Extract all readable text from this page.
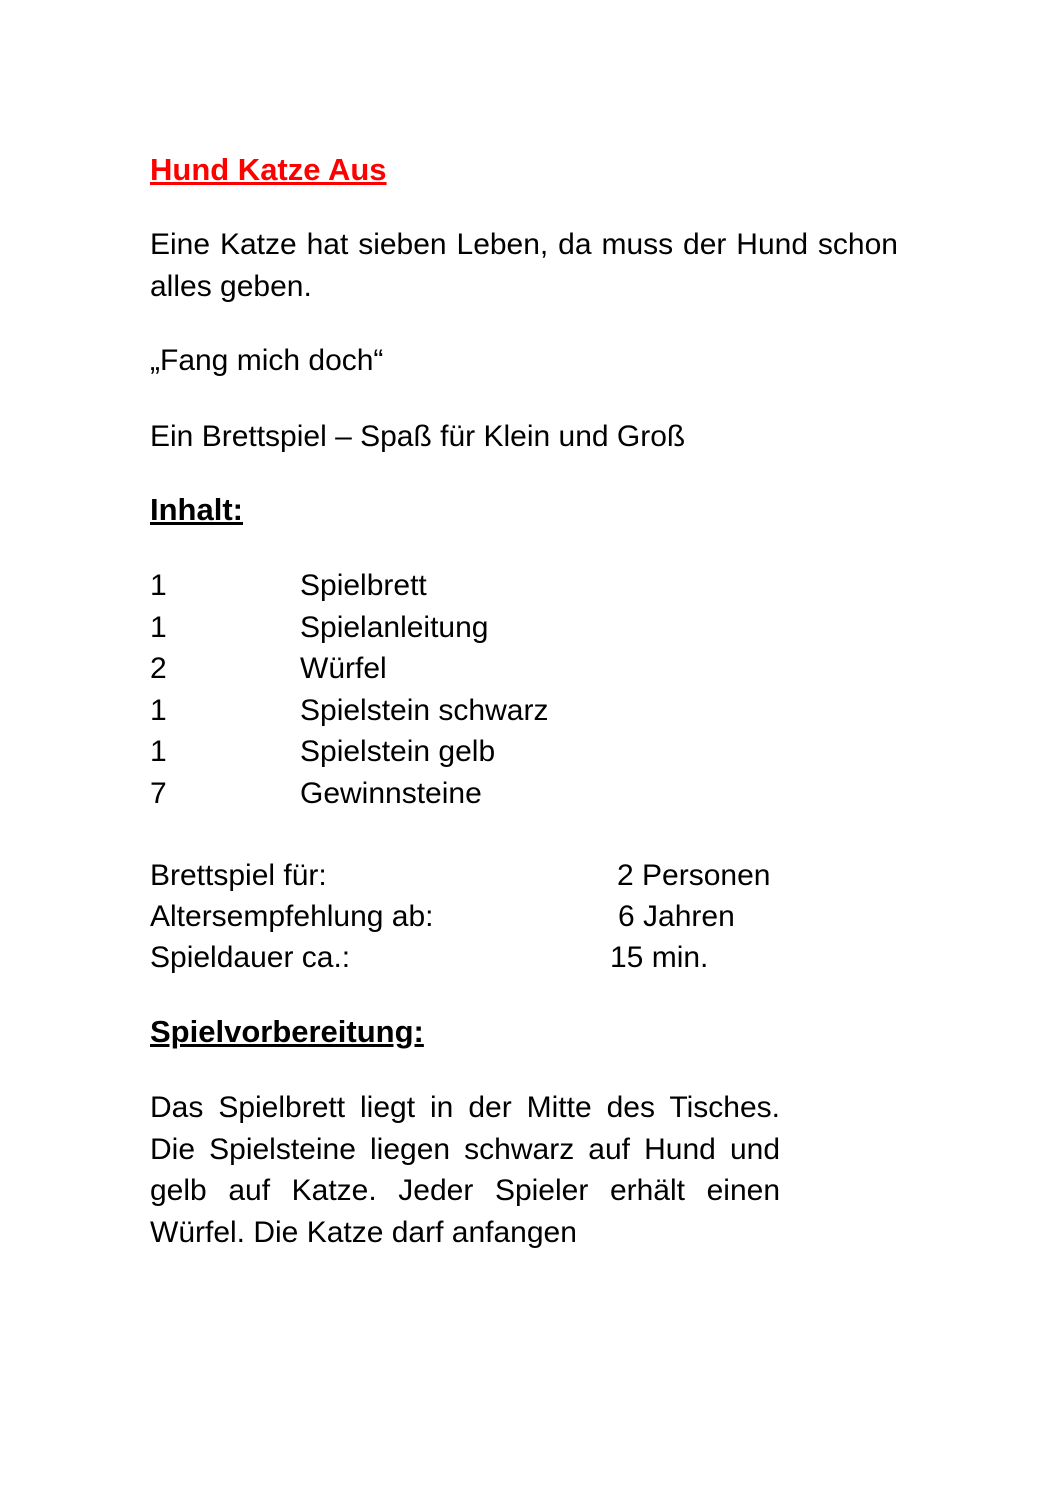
Hund Katze Aus

Eine Katze hat sieben Leben, da muss der Hund schon alles geben.

„Fang mich doch“

Ein Brettspiel – Spaß für Klein und Groß

Inhalt:
1	Spielbrett
1	Spielanleitung
2	Würfel
1	Spielstein schwarz
1	Spielstein gelb
7	Gewinnsteine
Brettspiel für:	2 Personen
Altersempfehlung ab:	6 Jahren
Spieldauer ca.:	15 min.
Spielvorbereitung:

Das Spielbrett liegt in der Mitte des Tisches. Die Spielsteine liegen schwarz auf Hund und gelb auf Katze. Jeder Spieler erhält einen Würfel. Die Katze darf anfangen
